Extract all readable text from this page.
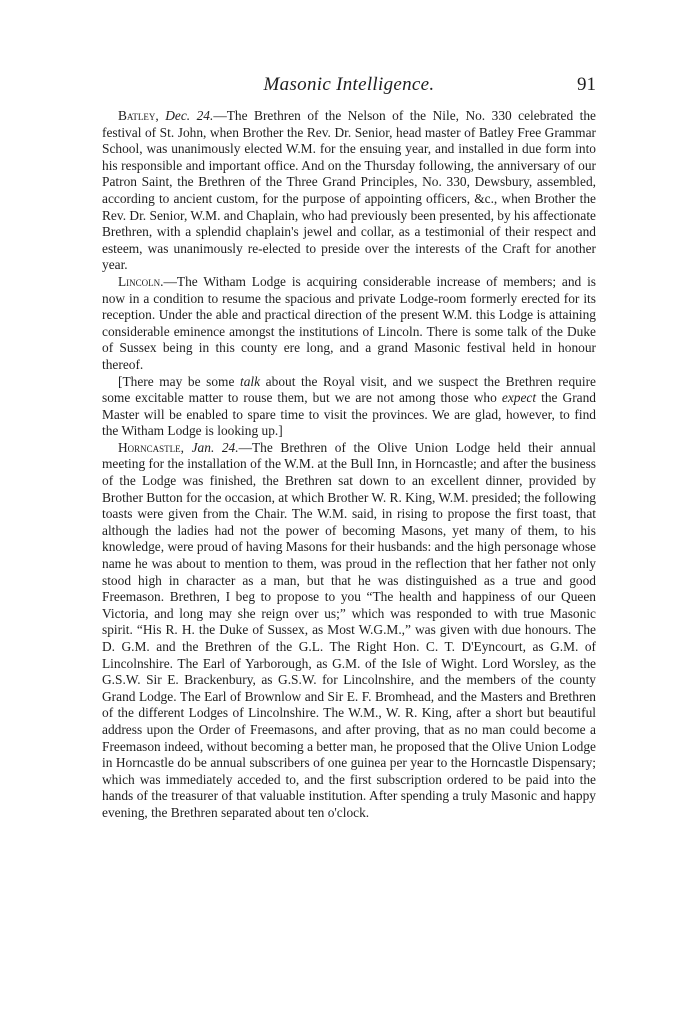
Masonic Intelligence.	91

Batley, Dec. 24.—The Brethren of the Nelson of the Nile, No. 330 celebrated the festival of St. John, when Brother the Rev. Dr. Senior, head master of Batley Free Grammar School, was unanimously elected W.M. for the ensuing year, and installed in due form into his responsible and important office. And on the Thursday following, the anniversary of our Patron Saint, the Brethren of the Three Grand Principles, No. 330, Dewsbury, assembled, according to ancient custom, for the purpose of appointing officers, &c., when Brother the Rev. Dr. Senior, W.M. and Chaplain, who had previously been presented, by his affectionate Brethren, with a splendid chaplain's jewel and collar, as a testimonial of their respect and esteem, was unanimously re-elected to preside over the interests of the Craft for another year.

Lincoln.—The Witham Lodge is acquiring considerable increase of members; and is now in a condition to resume the spacious and private Lodge-room formerly erected for its reception. Under the able and practical direction of the present W.M. this Lodge is attaining considerable eminence amongst the institutions of Lincoln. There is some talk of the Duke of Sussex being in this county ere long, and a grand Masonic festival held in honour thereof.

[There may be some talk about the Royal visit, and we suspect the Brethren require some excitable matter to rouse them, but we are not among those who expect the Grand Master will be enabled to spare time to visit the provinces. We are glad, however, to find the Witham Lodge is looking up.]

Horncastle, Jan. 24.—The Brethren of the Olive Union Lodge held their annual meeting for the installation of the W.M. at the Bull Inn, in Horncastle; and after the business of the Lodge was finished, the Brethren sat down to an excellent dinner, provided by Brother Button for the occasion, at which Brother W. R. King, W.M. presided; the following toasts were given from the Chair. The W.M. said, in rising to propose the first toast, that although the ladies had not the power of becoming Masons, yet many of them, to his knowledge, were proud of having Masons for their husbands: and the high personage whose name he was about to mention to them, was proud in the reflection that her father not only stood high in character as a man, but that he was distinguished as a true and good Freemason. Brethren, I beg to propose to you “The health and happiness of our Queen Victoria, and long may she reign over us;” which was responded to with true Masonic spirit. “His R. H. the Duke of Sussex, as Most W.G.M.,” was given with due honours. The D. G.M. and the Brethren of the G.L. The Right Hon. C. T. D'Eyncourt, as G.M. of Lincolnshire. The Earl of Yarborough, as G.M. of the Isle of Wight. Lord Worsley, as the G.S.W. Sir E. Brackenbury, as G.S.W. for Lincolnshire, and the members of the county Grand Lodge. The Earl of Brownlow and Sir E. F. Bromhead, and the Masters and Brethren of the different Lodges of Lincolnshire. The W.M., W. R. King, after a short but beautiful address upon the Order of Freemasons, and after proving, that as no man could become a Freemason indeed, without becoming a better man, he proposed that the Olive Union Lodge in Horncastle do be annual subscribers of one guinea per year to the Horncastle Dispensary; which was immediately acceded to, and the first subscription ordered to be paid into the hands of the treasurer of that valuable institution. After spending a truly Masonic and happy evening, the Brethren separated about ten o'clock.
